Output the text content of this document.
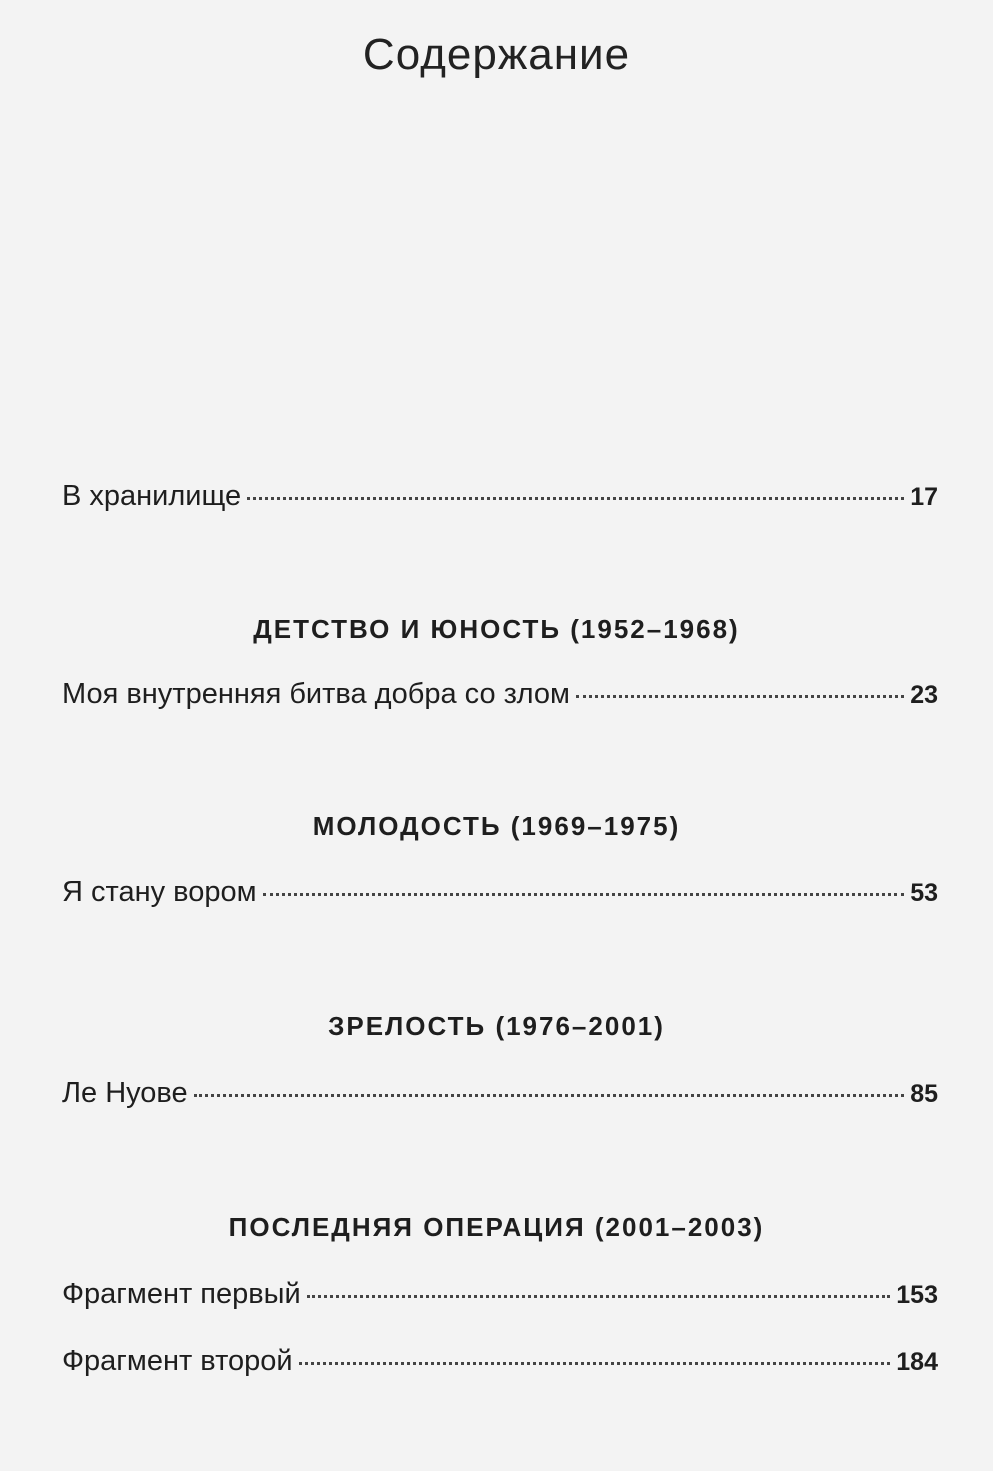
Содержание
В хранилище	17
ДЕТСТВО И ЮНОСТЬ (1952–1968)
Моя внутренняя битва добра со злом	23
МОЛОДОСТЬ (1969–1975)
Я стану вором	53
ЗРЕЛОСТЬ (1976–2001)
Ле Нуове	85
ПОСЛЕДНЯЯ ОПЕРАЦИЯ (2001–2003)
Фрагмент первый	153
Фрагмент второй	184
